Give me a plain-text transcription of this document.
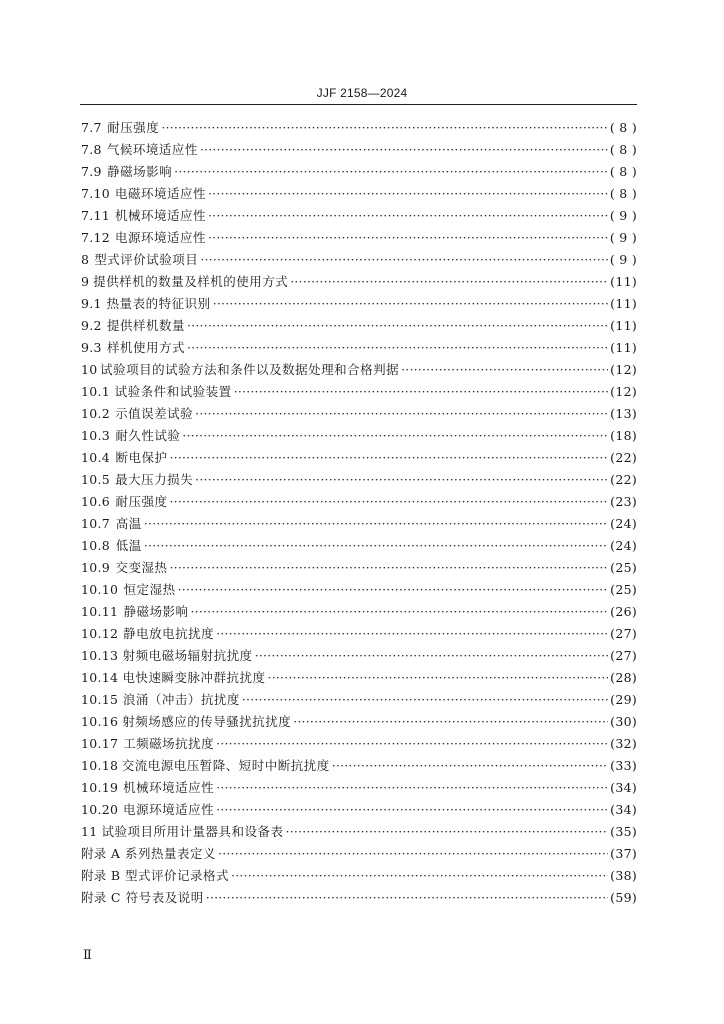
JJF 2158—2024
7.7 耐压强度 ·····	( 8 )
7.8 气候环境适应性 ·····	( 8 )
7.9 静磁场影响 ·····	( 8 )
7.10 电磁环境适应性 ·····	( 8 )
7.11 机械环境适应性 ·····	( 9 )
7.12 电源环境适应性 ·····	( 9 )
8 型式评价试验项目 ·····	( 9 )
9 提供样机的数量及样机的使用方式 ·····	(11)
9.1 热量表的特征识别 ·····	(11)
9.2 提供样机数量 ·····	(11)
9.3 样机使用方式 ·····	(11)
10 试验项目的试验方法和条件以及数据处理和合格判据 ·····	(12)
10.1 试验条件和试验装置 ·····	(12)
10.2 示值误差试验 ·····	(13)
10.3 耐久性试验 ·····	(18)
10.4 断电保护 ·····	(22)
10.5 最大压力损失 ·····	(22)
10.6 耐压强度 ·····	(23)
10.7 高温 ·····	(24)
10.8 低温 ·····	(24)
10.9 交变湿热 ·····	(25)
10.10 恒定湿热 ·····	(25)
10.11 静磁场影响 ·····	(26)
10.12 静电放电抗扰度 ·····	(27)
10.13 射频电磁场辐射抗扰度 ·····	(27)
10.14 电快速瞬变脉冲群抗扰度 ·····	(28)
10.15 浪涌（冲击）抗扰度 ·····	(29)
10.16 射频场感应的传导骚扰抗扰度 ·····	(30)
10.17 工频磁场抗扰度 ·····	(32)
10.18 交流电源电压暂降、短时中断抗扰度 ·····	(33)
10.19 机械环境适应性 ·····	(34)
10.20 电源环境适应性 ·····	(34)
11 试验项目所用计量器具和设备表 ·····	(35)
附录 A 系列热量表定义 ·····	(37)
附录 B 型式评价记录格式 ·····	(38)
附录 C 符号表及说明 ·····	(59)
Ⅱ
